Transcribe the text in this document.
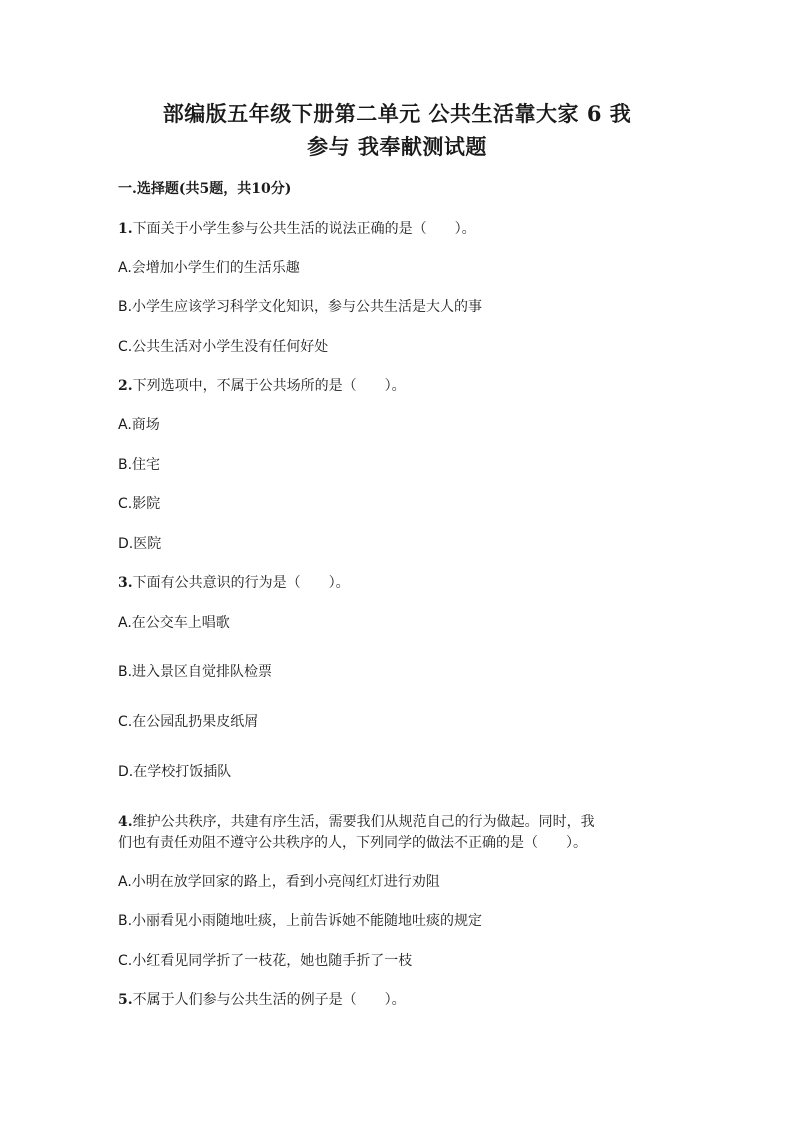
部编版五年级下册第二单元 公共生活靠大家 6 我
参与 我奉献测试题
一.选择题(共5题，共10分)
1.下面关于小学生参与公共生活的说法正确的是（　　）。
A.会增加小学生们的生活乐趣
B.小学生应该学习科学文化知识，参与公共生活是大人的事
C.公共生活对小学生没有任何好处
2.下列选项中，不属于公共场所的是（　　）。
A.商场
B.住宅
C.影院
D.医院
3.下面有公共意识的行为是（　　）。
A.在公交车上唱歌
B.进入景区自觉排队检票
C.在公园乱扔果皮纸屑
D.在学校打饭插队
4.维护公共秩序，共建有序生活，需要我们从规范自己的行为做起。同时，我
们也有责任劝阻不遵守公共秩序的人，下列同学的做法不正确的是（　　）。
A.小明在放学回家的路上，看到小亮闯红灯进行劝阻
B.小丽看见小雨随地吐痰，上前告诉她不能随地吐痰的规定
C.小红看见同学折了一枝花，她也随手折了一枝
5.不属于人们参与公共生活的例子是（　　）。
